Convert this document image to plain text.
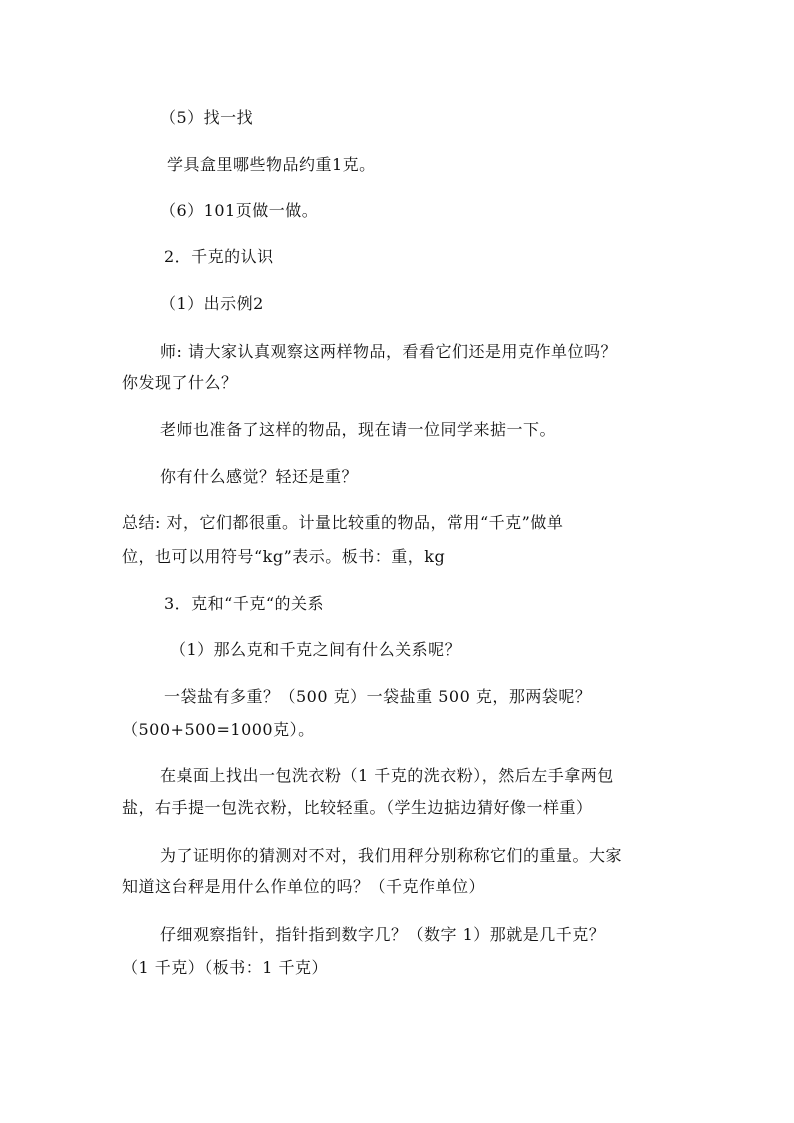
（5）找一找
学具盒里哪些物品约重1克。
（6）101页做一做。
2．千克的认识
（1）出示例2
师: 请大家认真观察这两样物品，看看它们还是用克作单位吗？
你发现了什么？
老师也准备了这样的物品，现在请一位同学来掂一下。
你有什么感觉？轻还是重？
总结: 对，它们都很重。计量比较重的物品，常用“千克”做单
位，也可以用符号“kg”表示。板书：重，kg
3．克和“千克“的关系
（1）那么克和千克之间有什么关系呢？
一袋盐有多重？（500 克）一袋盐重 500 克，那两袋呢？
（500+500=1000克）。
在桌面上找出一包洗衣粉（1 千克的洗衣粉），然后左手拿两包
盐，右手提一包洗衣粉，比较轻重。（学生边掂边猜好像一样重）
为了证明你的猜测对不对，我们用秤分别称称它们的重量。大家
知道这台秤是用什么作单位的吗？（千克作单位）
仔细观察指针，指针指到数字几？（数字 1）那就是几千克？
（1 千克）（板书：1 千克）
